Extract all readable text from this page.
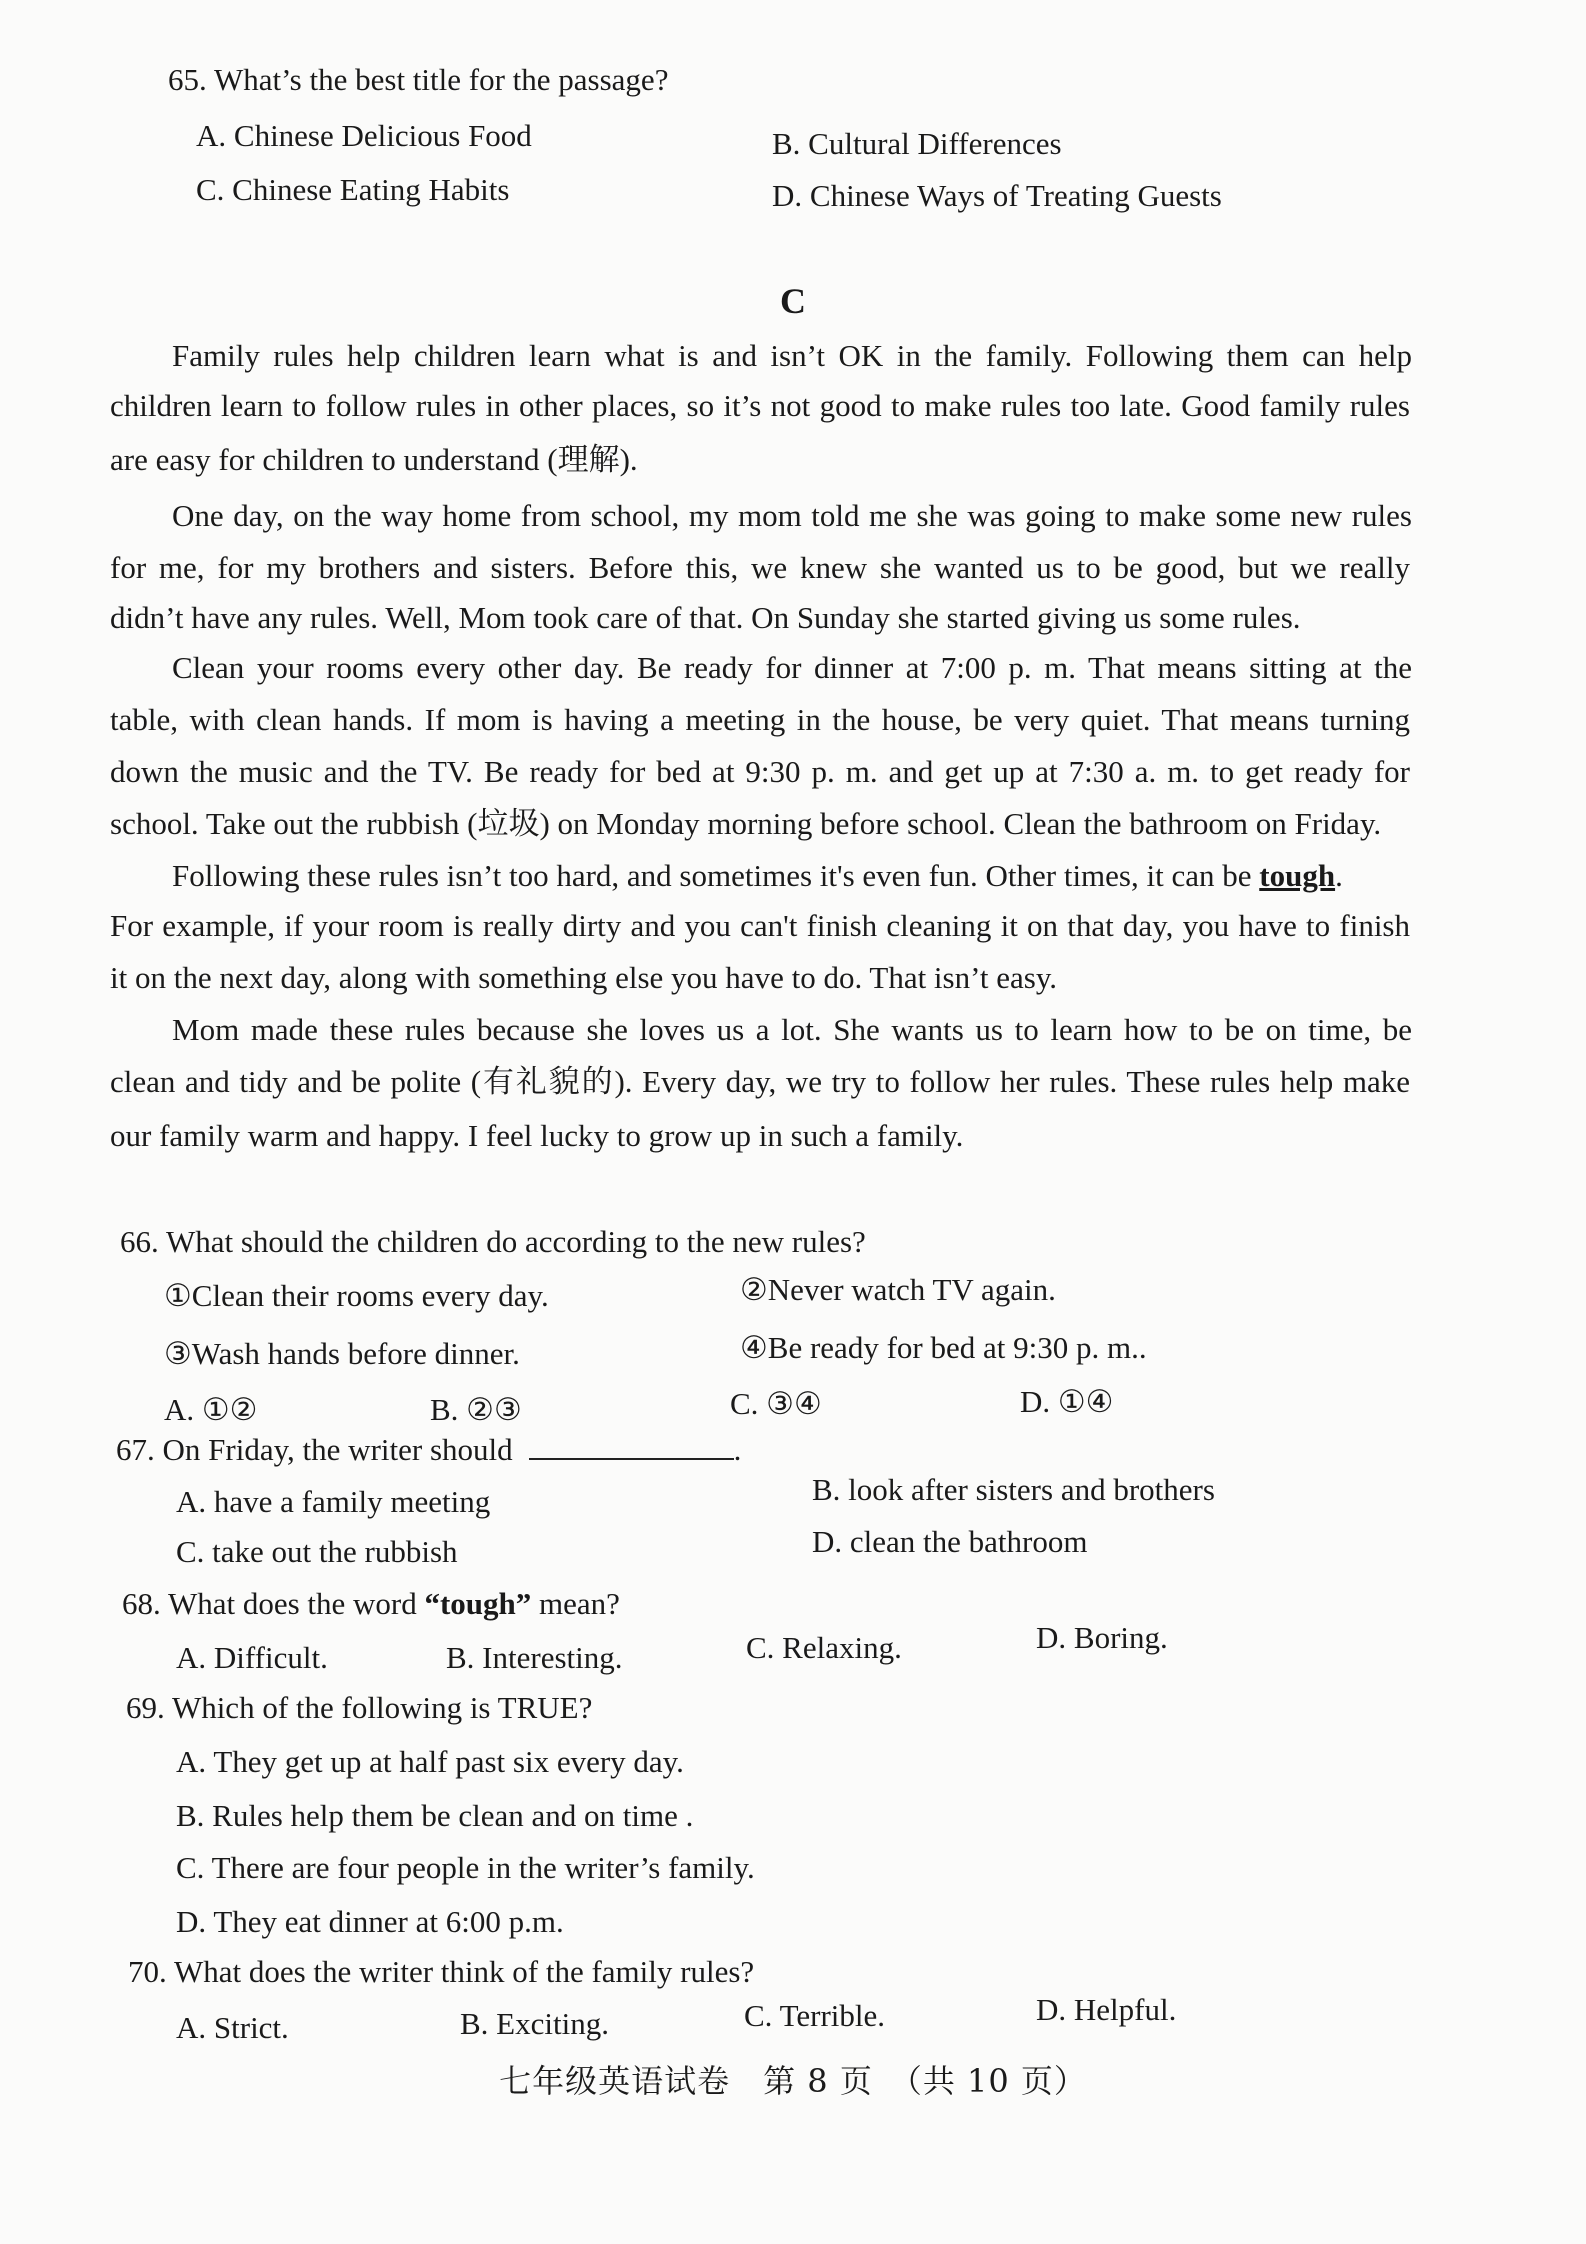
65. What’s the best title for the passage?
A. Chinese Delicious Food	B. Cultural Differences
C. Chinese Eating Habits	D. Chinese Ways of Treating Guests
C
Family rules help children learn what is and isn’t OK in the family. Following them can help
children learn to follow rules in other places, so it’s not good to make rules too late. Good family rules
are easy for children to understand (理解).
One day, on the way home from school, my mom told me she was going to make some new rules
for me, for my brothers and sisters. Before this, we knew she wanted us to be good, but we really
didn’t have any rules. Well, Mom took care of that. On Sunday she started giving us some rules.
Clean your rooms every other day. Be ready for dinner at 7:00 p. m. That means sitting at the
table, with clean hands. If mom is having a meeting in the house, be very quiet. That means turning
down the music and the TV. Be ready for bed at 9:30 p. m. and get up at 7:30 a. m. to get ready for
school. Take out the rubbish (垃圾) on Monday morning before school. Clean the bathroom on Friday.
Following these rules isn’t too hard, and sometimes it's even fun. Other times, it can be tough.
For example, if your room is really dirty and you can't finish cleaning it on that day, you have to finish
it on the next day, along with something else you have to do. That isn’t easy.
Mom made these rules because she loves us a lot. She wants us to learn how to be on time, be
clean and tidy and be polite (有礼貌的). Every day, we try to follow her rules. These rules help make
our family warm and happy. I feel lucky to grow up in such a family.
66. What should the children do according to the new rules?
①Clean their rooms every day.	②Never watch TV again.
③Wash hands before dinner.	④Be ready for bed at 9:30 p. m..
A. ①②	B. ②③	C. ③④	D. ①④
67. On Friday, the writer should	.
A. have a family meeting	B. look after sisters and brothers
C. take out the rubbish	D. clean the bathroom
68. What does the word “tough” mean?
A. Difficult.	B. Interesting.	C. Relaxing.	D. Boring.
69. Which of the following is TRUE?
A. They get up at half past six every day.
B. Rules help them be clean and on time .
C. There are four people in the writer’s family.
D. They eat dinner at 6:00 p.m.
70. What does the writer think of the family rules?
A. Strict.	B. Exciting.	C. Terrible.	D. Helpful.
七年级英语试卷　第 8 页　（共 10 页）
